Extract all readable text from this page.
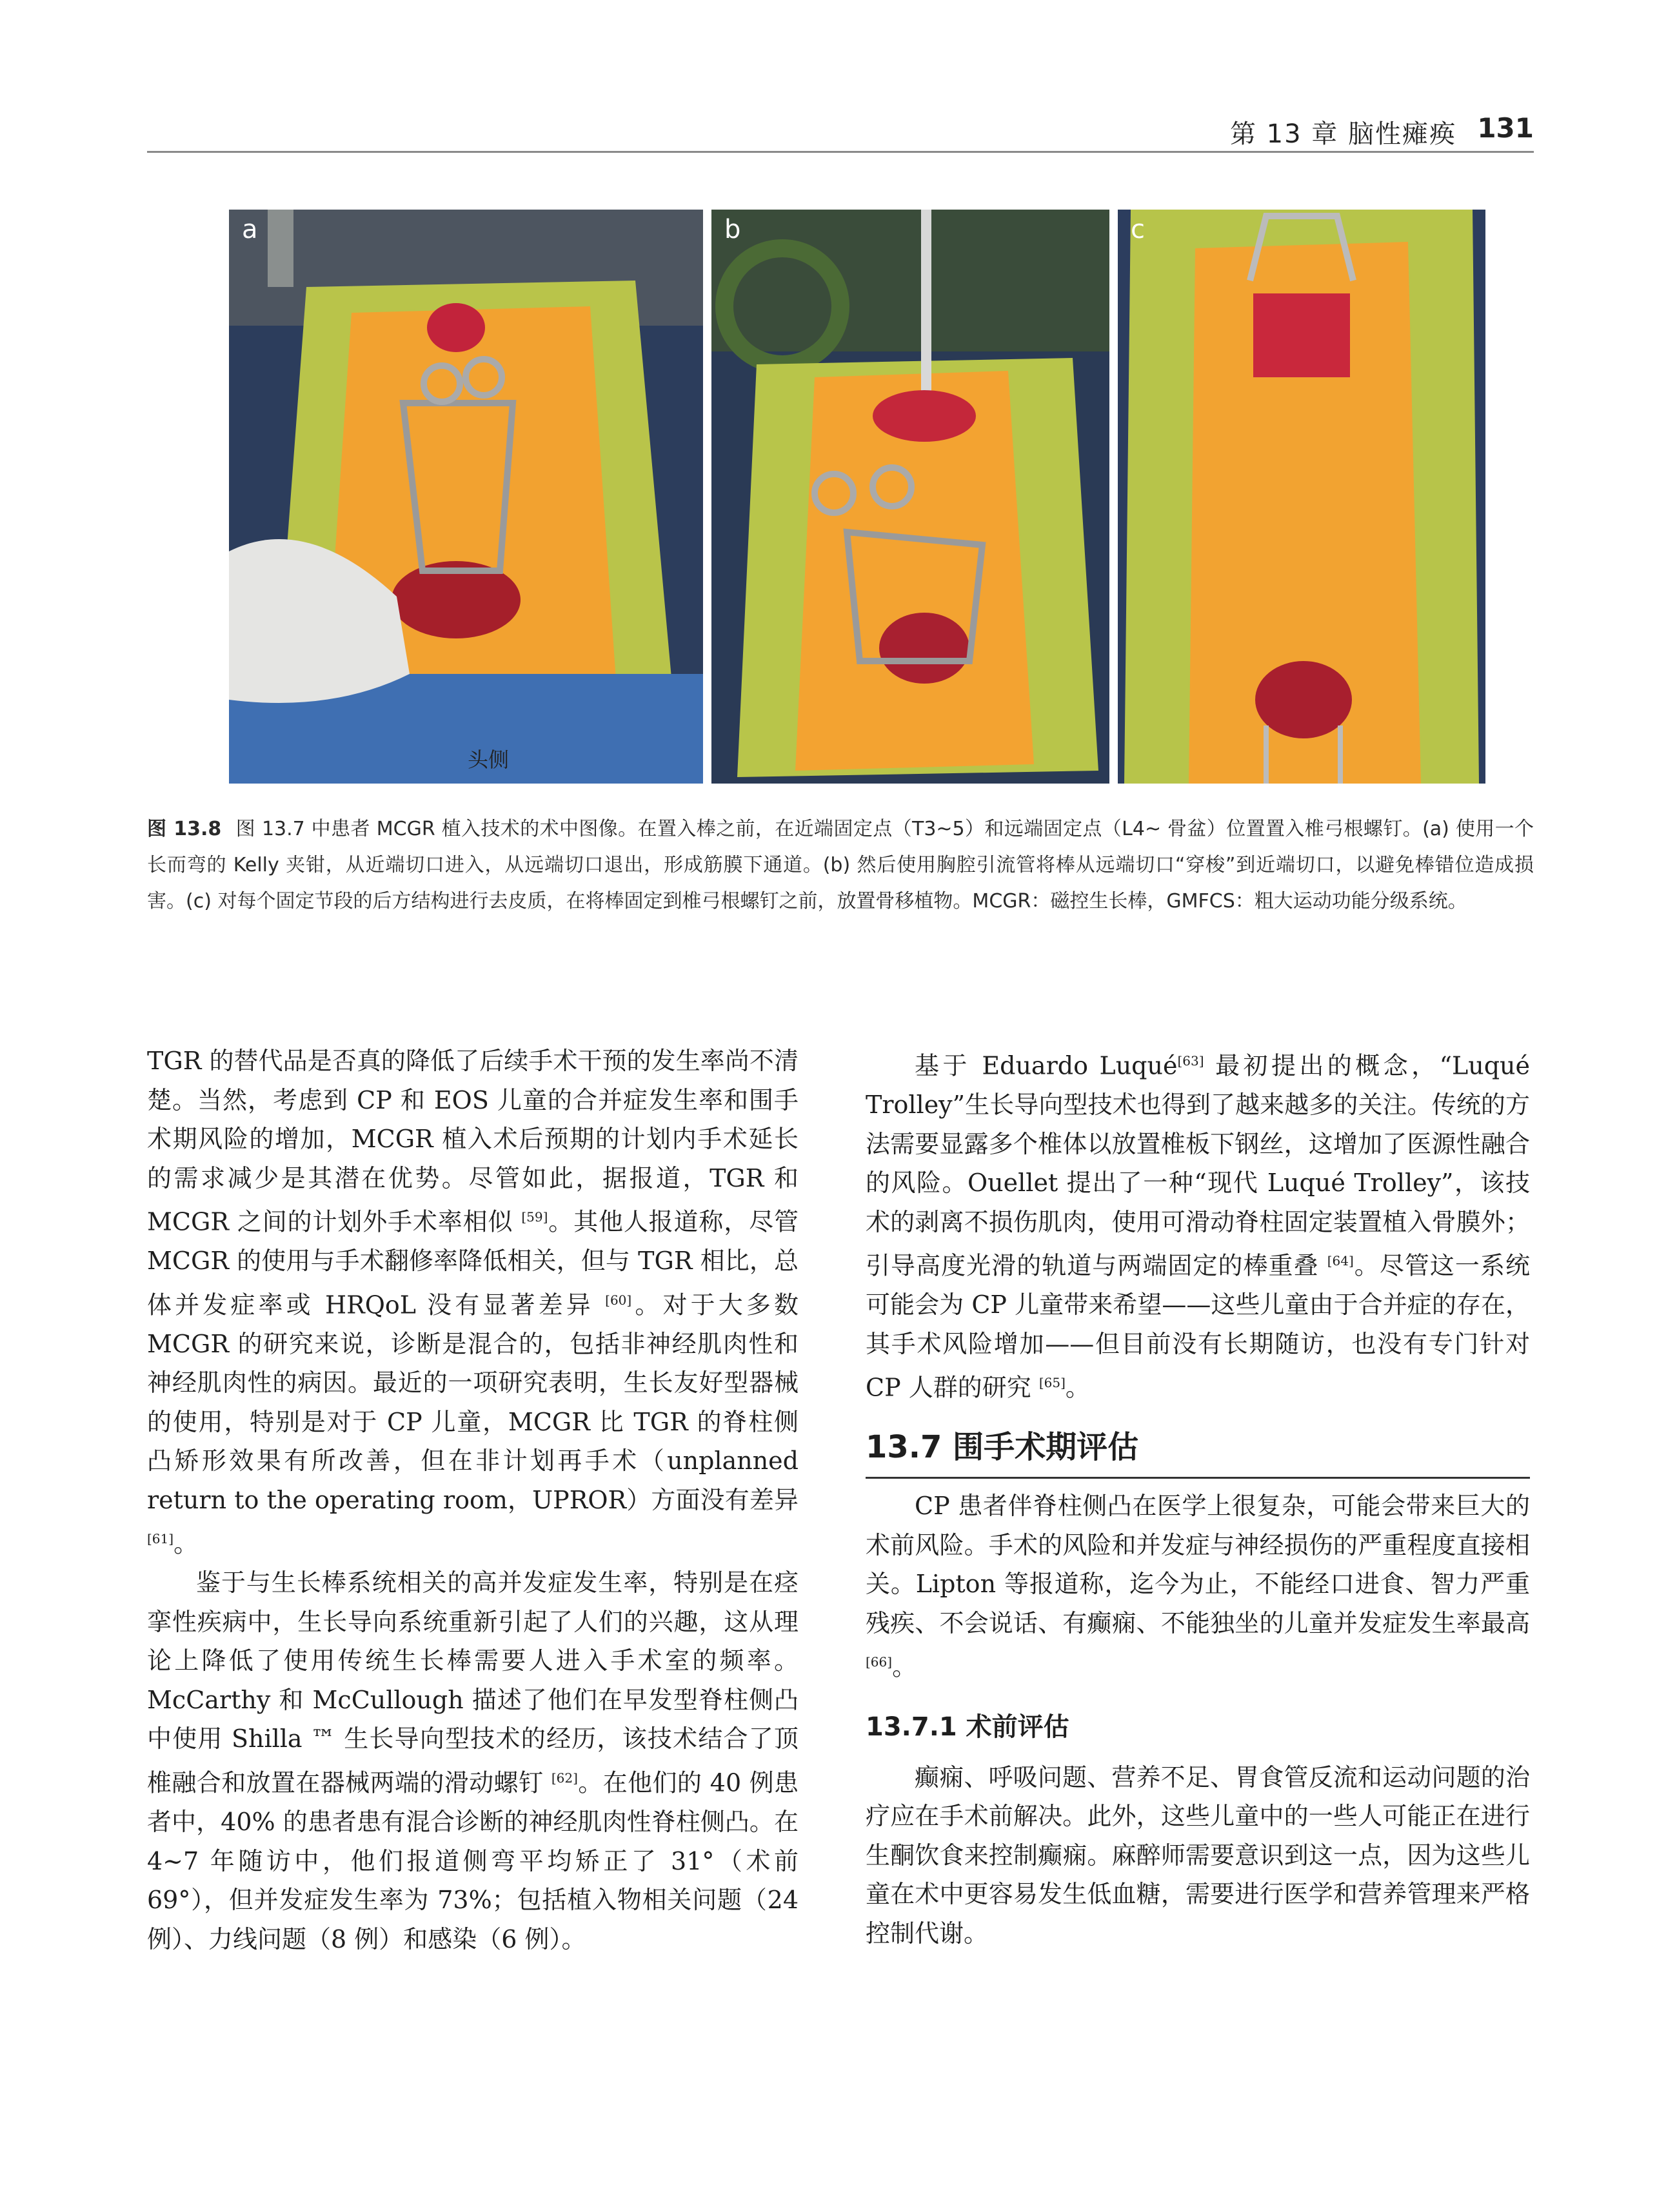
第 13 章 脑性瘫痪 131
a
头侧
b	c
图 13.8 图 13.7 中患者 MCGR 植入技术的术中图像。在置入棒之前，在近端固定点（T3~5）和远端固定点（L4~ 骨盆）位置置入椎弓根螺钉。(a) 使用一个长而弯的 Kelly 夹钳，从近端切口进入，从远端切口退出，形成筋膜下通道。(b) 然后使用胸腔引流管将棒从远端切口“穿梭”到近端切口，以避免棒错位造成损害。(c) 对每个固定节段的后方结构进行去皮质，在将棒固定到椎弓根螺钉之前，放置骨移植物。MCGR：磁控生长棒，GMFCS：粗大运动功能分级系统。

TGR 的替代品是否真的降低了后续手术干预的发生率尚不清楚。当然，考虑到 CP 和 EOS 儿童的合并症发生率和围手术期风险的增加，MCGR 植入术后预期的计划内手术延长的需求减少是其潜在优势。尽管如此，据报道，TGR 和 MCGR 之间的计划外手术率相似 [59]。其他人报道称，尽管 MCGR 的使用与手术翻修率降低相关，但与 TGR 相比，总体并发症率或 HRQoL 没有显著差异 [60]。对于大多数 MCGR 的研究来说，诊断是混合的，包括非神经肌肉性和神经肌肉性的病因。最近的一项研究表明，生长友好型器械的使用，特别是对于 CP 儿童，MCGR 比 TGR 的脊柱侧凸矫形效果有所改善，但在非计划再手术（unplanned return to the operating room，UPROR）方面没有差异 [61]。

鉴于与生长棒系统相关的高并发症发生率，特别是在痉挛性疾病中，生长导向系统重新引起了人们的兴趣，这从理论上降低了使用传统生长棒需要人进入手术室的频率。McCarthy 和 McCullough 描述了他们在早发型脊柱侧凸中使用 Shilla ™ 生长导向型技术的经历，该技术结合了顶椎融合和放置在器械两端的滑动螺钉 [62]。在他们的 40 例患者中，40% 的患者患有混合诊断的神经肌肉性脊柱侧凸。在 4~7 年随访中，他们报道侧弯平均矫正了 31°（术前 69°），但并发症发生率为 73%；包括植入物相关问题（24 例）、力线问题（8 例）和感染（6 例）。

基于 Eduardo Luqué[63] 最初提出的概念，“Luqué Trolley”生长导向型技术也得到了越来越多的关注。传统的方法需要显露多个椎体以放置椎板下钢丝，这增加了医源性融合的风险。Ouellet 提出了一种“现代 Luqué Trolley”，该技术的剥离不损伤肌肉，使用可滑动脊柱固定装置植入骨膜外；引导高度光滑的轨道与两端固定的棒重叠 [64]。尽管这一系统可能会为 CP 儿童带来希望——这些儿童由于合并症的存在，其手术风险增加——但目前没有长期随访，也没有专门针对 CP 人群的研究 [65]。

13.7 围手术期评估

CP 患者伴脊柱侧凸在医学上很复杂，可能会带来巨大的术前风险。手术的风险和并发症与神经损伤的严重程度直接相关。Lipton 等报道称，迄今为止，不能经口进食、智力严重残疾、不会说话、有癫痫、不能独坐的儿童并发症发生率最高 [66]。

13.7.1 术前评估

癫痫、呼吸问题、营养不足、胃食管反流和运动问题的治疗应在手术前解决。此外，这些儿童中的一些人可能正在进行生酮饮食来控制癫痫。麻醉师需要意识到这一点，因为这些儿童在术中更容易发生低血糖，需要进行医学和营养管理来严格控制代谢。
